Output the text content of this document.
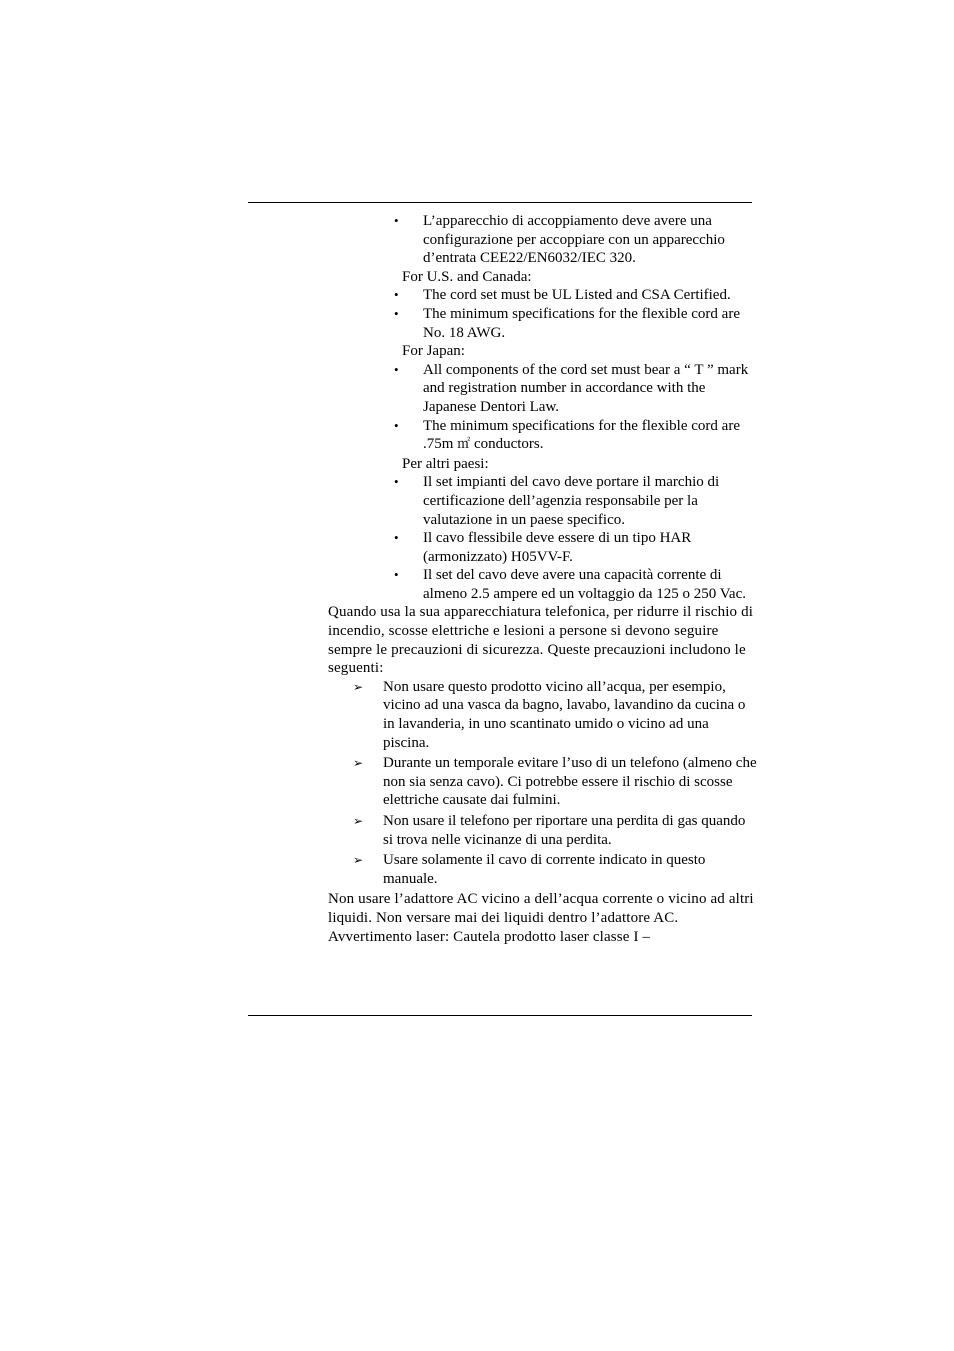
• L’apparecchio di accoppiamento deve avere una configurazione per accoppiare con un apparecchio d’entrata CEE22/EN6032/IEC 320.

For U.S. and Canada:

• The cord set must be UL Listed and CSA Certified.
• The minimum specifications for the flexible cord are No. 18 AWG.

For Japan:

• All components of the cord set must bear a “ T ” mark and registration number in accordance with the Japanese Dentori Law.
• The minimum specifications for the flexible cord are .75m ㎡ conductors.

Per altri paesi:

• Il set impianti del cavo deve portare il marchio di certificazione dell’agenzia responsabile per la valutazione in un paese specifico.
• Il cavo flessibile deve essere di un tipo HAR (armonizzato) H05VV-F.
• Il set del cavo deve avere una capacità corrente di almeno 2.5 ampere ed un voltaggio da 125 o 250 Vac.

Quando usa la sua apparecchiatura telefonica, per ridurre il rischio di incendio, scosse elettriche e lesioni a persone si devono seguire sempre le precauzioni di sicurezza. Queste precauzioni includono le seguenti:

➢ Non usare questo prodotto vicino all’acqua, per esempio, vicino ad una vasca da bagno, lavabo, lavandino da cucina o in lavanderia, in uno scantinato umido o vicino ad una piscina.
➢ Durante un temporale evitare l’uso di un telefono (almeno che non sia senza cavo). Ci potrebbe essere il rischio di scosse elettriche causate dai fulmini.
➢ Non usare il telefono per riportare una perdita di gas quando si trova nelle vicinanze di una perdita.
➢ Usare solamente il cavo di corrente indicato in questo manuale.

Non usare l’adattore AC vicino a dell’acqua corrente o vicino ad altri liquidi. Non versare mai dei liquidi dentro l’adattore AC.

Avvertimento laser: Cautela prodotto laser classe I –
